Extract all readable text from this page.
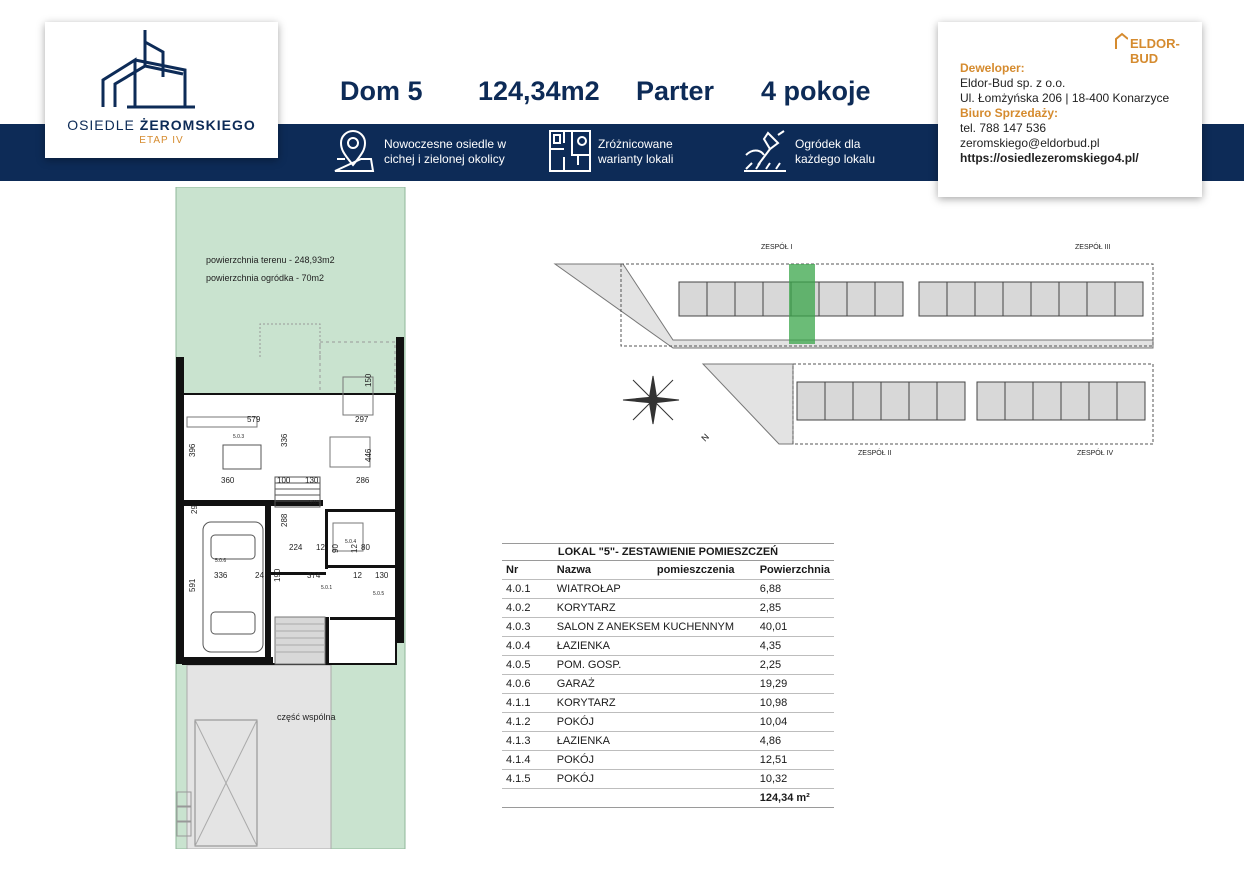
OSIEDLE ŻEROMSKIEGO
ETAP IV
Dom 5 124,34m2 Parter 4 pokoje
Nowoczesne osiedle w
cichej i zielonej okolicy
Zróżnicowane
warianty lokali
Ogródek dla
każdego lokalu
ELDOR-BUD
Deweloper:
Eldor-Bud sp. z o.o.
Ul. Łomżyńska 206 | 18-400 Konarzyce
Biuro Sprzedaży:
tel. 788 147 536
zeromskiego@eldorbud.pl
https://osiedlezeromskiego4.pl/
579
336
150
297
396	446
360	100 130	286
29
288
224 12 90 12 80
591
336	24 190	374	12 130
5.0.3
5.0.2
5.0.4
5.0.6
5.0.1
5.0.5
powierzchnia terenu - 248,93m2
powierzchnia ogródka - 70m2
część wspólna
ZESPÓŁ I	ZESPÓŁ III
ZESPÓŁ II	ZESPÓŁ IV
N
LOKAL "5"- ZESTAWIENIE POMIESZCZEŃ			
Nr	Nazwa	pomieszczenia	Powierzchnia
4.0.1	WIATROŁAP		6,88
4.0.2	KORYTARZ		2,85
4.0.3	SALON Z ANEKSEM KUCHENNYM		40,01
4.0.4	ŁAZIENKA		4,35
4.0.5	POM. GOSP.		2,25
4.0.6	GARAŻ		19,29
4.1.1	KORYTARZ		10,98
4.1.2	POKÓJ		10,04
4.1.3	ŁAZIENKA		4,86
4.1.4	POKÓJ		12,51
4.1.5	POKÓJ		10,32
			124,34 m²
